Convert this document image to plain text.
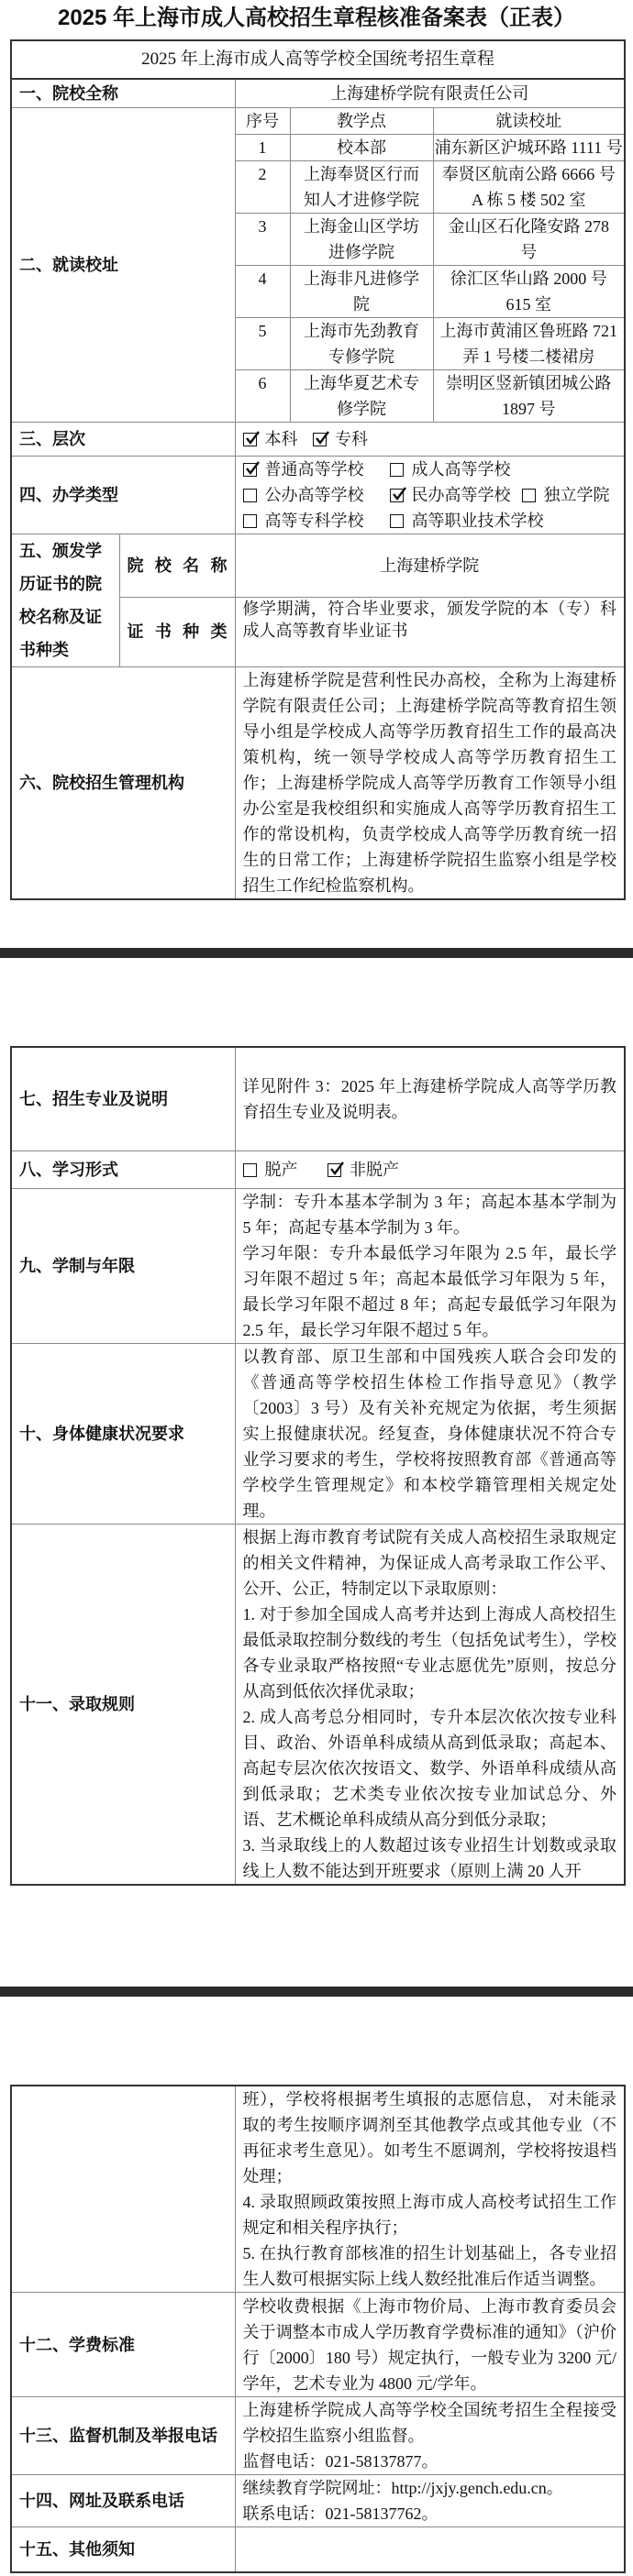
2025 年上海市成人高校招生章程核准备案表（正表）
2025 年上海市成人高等学校全国统考招生章程				
一、院校全称		上海建桥学院有限责任公司		
二、就读校址		序号	教学点	就读校址
		1	校本部	浦东新区沪城环路 1111 号
		2	上海奉贤区行而知人才进修学院	奉贤区航南公路 6666 号 A 栋 5 楼 502 室
		3	上海金山区学坊进修学院	金山区石化隆安路 278 号
		4	上海非凡进修学院	徐汇区华山路 2000 号 615 室
		5	上海市先劲教育专修学院	上海市黄浦区鲁班路 721 弄 1 号楼二楼裙房
		6	上海华夏艺术专修学院	崇明区竖新镇团城公路 1897 号
三、层次		本科 专科		
四、办学类型		普通高等学校 成人高等学校
公办高等学校 民办高等学校 独立学院
高等专科学校 高等职业技术学校		

五、颁发学历证书的院校名称及证书种类	院 校 名 称	上海建桥学院		

	证 书 种 类	修学期满，符合毕业要求，颁发学院的本（专）科成人高等教育毕业证书		
六、院校招生管理机构		上海建桥学院是营利性民办高校，全称为上海建桥学院有限责任公司；上海建桥学院高等教育招生领导小组是学校成人高等学历教育招生工作的最高决策机构，统一领导学校成人高等学历教育招生工作；上海建桥学院成人高等学历教育工作领导小组办公室是我校组织和实施成人高等学历教育招生工作的常设机构，负责学校成人高等学历教育统一招生的日常工作；上海建桥学院招生监察小组是学校招生工作纪检监察机构。		
七、招生专业及说明	详见附件 3：2025 年上海建桥学院成人高等学历教育招生专业及说明表。
八、学习形式	脱产 非脱产
九、学制与年限	学制：专升本基本学制为 3 年；高起本基本学制为 5 年；高起专基本学制为 3 年。

学习年限：专升本最低学习年限为 2.5 年，最长学习年限不超过 5 年；高起本最低学习年限为 5 年，最长学习年限不超过 8 年；高起专最低学习年限为 2.5 年，最长学习年限不超过 5 年。

十、身体健康状况要求	以教育部、原卫生部和中国残疾人联合会印发的《普通高等学校招生体检工作指导意见》（教学〔2003〕3 号）及有关补充规定为依据，考生须据实上报健康状况。经复查，身体健康状况不符合专业学习要求的考生，学校将按照教育部《普通高等学校学生管理规定》和本校学籍管理相关规定处理。
十一、录取规则	根据上海市教育考试院有关成人高校招生录取规定的相关文件精神，为保证成人高考录取工作公平、公开、公正，特制定以下录取原则：

1. 对于参加全国成人高考并达到上海成人高校招生最低录取控制分数线的考生（包括免试考生），学校各专业录取严格按照“专业志愿优先”原则，按总分从高到低依次择优录取；

2. 成人高考总分相同时，专升本层次依次按专业科目、政治、外语单科成绩从高到低录取；高起本、高起专层次依次按语文、数学、外语单科成绩从高到低录取；艺术类专业依次按专业加试总分、外语、艺术概论单科成绩从高分到低分录取；

3. 当录取线上的人数超过该专业招生计划数或录取线上人数不能达到开班要求（原则上满 20 人开

	班），学校将根据考生填报的志愿信息， 对未能录取的考生按顺序调剂至其他教学点或其他专业（不再征求考生意见）。如考生不愿调剂，学校将按退档处理；

4. 录取照顾政策按照上海市成人高校考试招生工作规定和相关程序执行；

5. 在执行教育部核准的招生计划基础上，各专业招生人数可根据实际上线人数经批准后作适当调整。

十二、学费标准	学校收费根据《上海市物价局、上海市教育委员会关于调整本市成人学历教育学费标准的通知》（沪价行〔2000〕180 号）规定执行，一般专业为 3200 元/学年，艺术专业为 4800 元/学年。
十三、监督机制及举报电话	上海建桥学院成人高等学校全国统考招生全程接受学校招生监察小组监督。

监督电话：021-58137877。

十四、网址及联系电话	继续教育学院网址：http://jxjy.gench.edu.cn。

联系电话：021-58137762。

十五、其他须知	
